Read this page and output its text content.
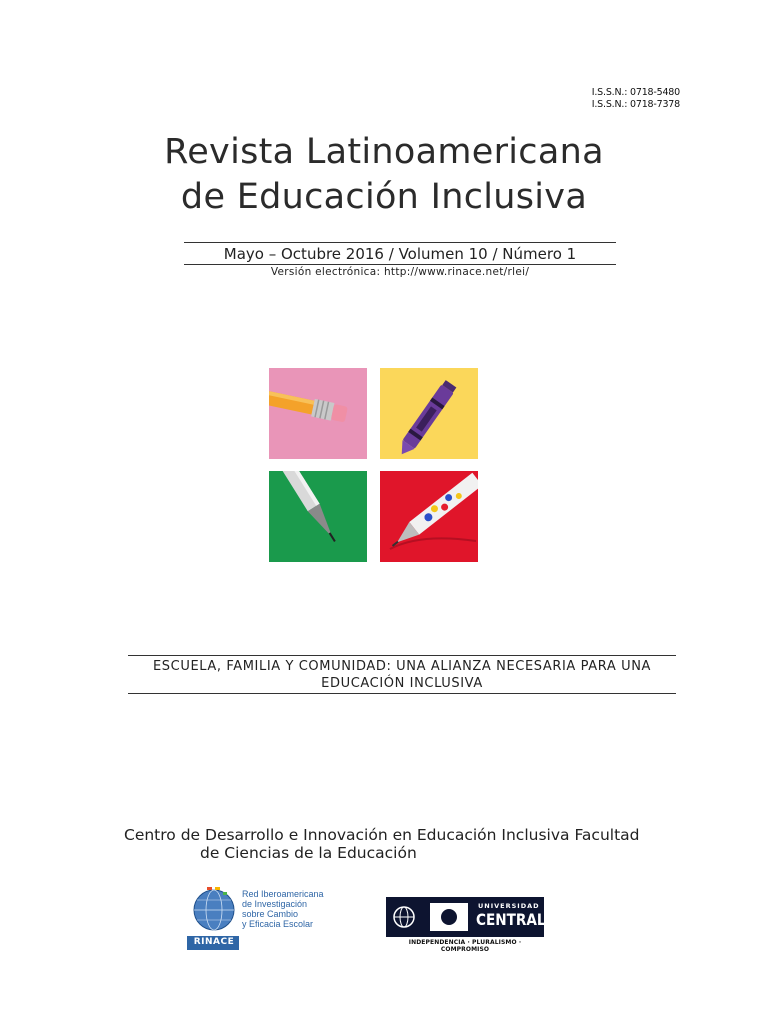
I.S.S.N.: 0718-5480
I.S.S.N.: 0718-7378
Revista Latinoamericana
de Educación Inclusiva
Mayo – Octubre 2016 / Volumen 10 / Número 1
Versión electrónica: http://www.rinace.net/rlei/
ESCUELA, FAMILIA Y COMUNIDAD: UNA ALIANZA NECESARIA PARA UNA
EDUCACIÓN INCLUSIVA
Centro de Desarrollo e Innovación en Educación Inclusiva Facultad
de Ciencias de la Educación
RINACE
Red Iberoamericana
de Investigación
sobre Cambio
y Eficacia Escolar
UNIVERSIDAD
CENTRAL
INDEPENDENCIA · PLURALISMO · COMPROMISO
